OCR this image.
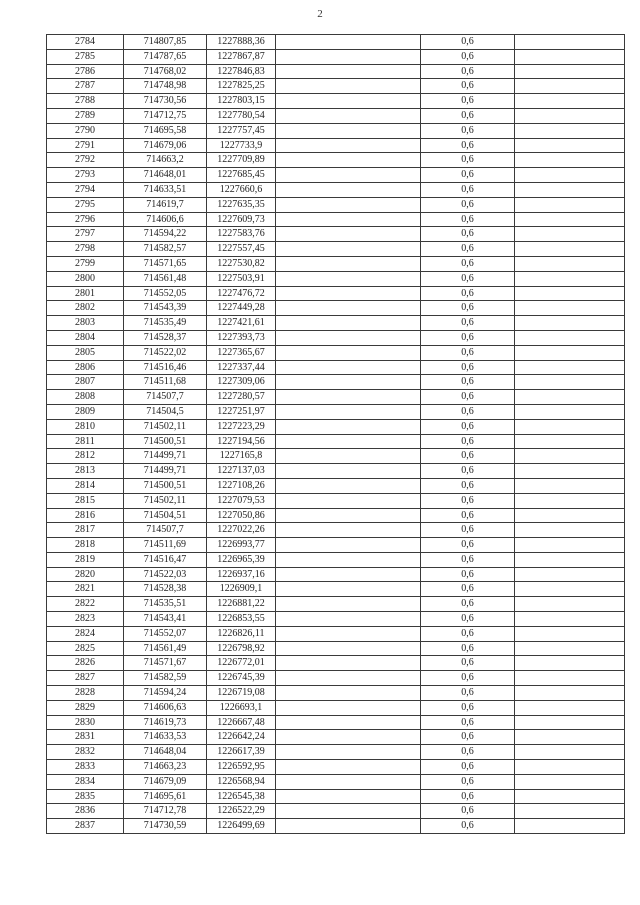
2
2784	714807,85	1227888,36		0,6	
2785	714787,65	1227867,87		0,6	
2786	714768,02	1227846,83		0,6	
2787	714748,98	1227825,25		0,6	
2788	714730,56	1227803,15		0,6	
2789	714712,75	1227780,54		0,6	
2790	714695,58	1227757,45		0,6	
2791	714679,06	1227733,9		0,6	
2792	714663,2	1227709,89		0,6	
2793	714648,01	1227685,45		0,6	
2794	714633,51	1227660,6		0,6	
2795	714619,7	1227635,35		0,6	
2796	714606,6	1227609,73		0,6	
2797	714594,22	1227583,76		0,6	
2798	714582,57	1227557,45		0,6	
2799	714571,65	1227530,82		0,6	
2800	714561,48	1227503,91		0,6	
2801	714552,05	1227476,72		0,6	
2802	714543,39	1227449,28		0,6	
2803	714535,49	1227421,61		0,6	
2804	714528,37	1227393,73		0,6	
2805	714522,02	1227365,67		0,6	
2806	714516,46	1227337,44		0,6	
2807	714511,68	1227309,06		0,6	
2808	714507,7	1227280,57		0,6	
2809	714504,5	1227251,97		0,6	
2810	714502,11	1227223,29		0,6	
2811	714500,51	1227194,56		0,6	
2812	714499,71	1227165,8		0,6	
2813	714499,71	1227137,03		0,6	
2814	714500,51	1227108,26		0,6	
2815	714502,11	1227079,53		0,6	
2816	714504,51	1227050,86		0,6	
2817	714507,7	1227022,26		0,6	
2818	714511,69	1226993,77		0,6	
2819	714516,47	1226965,39		0,6	
2820	714522,03	1226937,16		0,6	
2821	714528,38	1226909,1		0,6	
2822	714535,51	1226881,22		0,6	
2823	714543,41	1226853,55		0,6	
2824	714552,07	1226826,11		0,6	
2825	714561,49	1226798,92		0,6	
2826	714571,67	1226772,01		0,6	
2827	714582,59	1226745,39		0,6	
2828	714594,24	1226719,08		0,6	
2829	714606,63	1226693,1		0,6	
2830	714619,73	1226667,48		0,6	
2831	714633,53	1226642,24		0,6	
2832	714648,04	1226617,39		0,6	
2833	714663,23	1226592,95		0,6	
2834	714679,09	1226568,94		0,6	
2835	714695,61	1226545,38		0,6	
2836	714712,78	1226522,29		0,6	
2837	714730,59	1226499,69		0,6	
